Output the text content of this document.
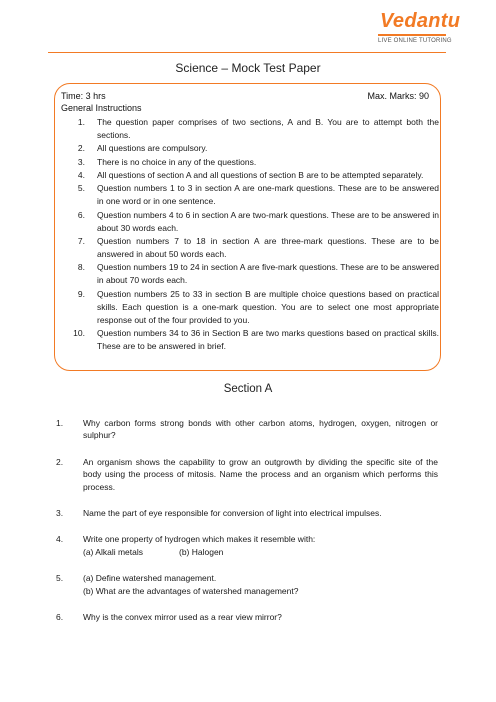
Vedantu
LIVE ONLINE TUTORING
Science – Mock Test Paper
Time: 3 hrs	Max. Marks: 90
General Instructions
1.	The question paper comprises of two sections, A and B. You are to attempt both the sections.
2.	All questions are compulsory.
3.	There is no choice in any of the questions.
4.	All questions of section A and all questions of section B are to be attempted separately.
5.	Question numbers 1 to 3 in section A are one-mark questions. These are to be answered in one word or in one sentence.
6.	Question numbers 4 to 6 in section A are two-mark questions. These are to be answered in about 30 words each.
7.	Question numbers 7 to 18 in section A are three-mark questions. These are to be answered in about 50 words each.
8.	Question numbers 19 to 24 in section A are five-mark questions. These are to be answered in about 70 words each.
9.	Question numbers 25 to 33 in section B are multiple choice questions based on practical skills. Each question is a one-mark question. You are to select one most appropriate response out of the four provided to you.
10.	Question numbers 34 to 36 in Section B are two marks questions based on practical skills. These are to be answered in brief.
Section A
1.	Why carbon forms strong bonds with other carbon atoms, hydrogen, oxygen, nitrogen or sulphur?
2.	An organism shows the capability to grow an outgrowth by dividing the specific site of the body using the process of mitosis. Name the process and an organism which performs this process.
3.	Name the part of eye responsible for conversion of light into electrical impulses.
4.	Write one property of hydrogen which makes it resemble with:
(a) Alkali metals	(b) Halogen
5.	(a) Define watershed management.
(b) What are the advantages of watershed management?
6.	Why is the convex mirror used as a rear view mirror?
